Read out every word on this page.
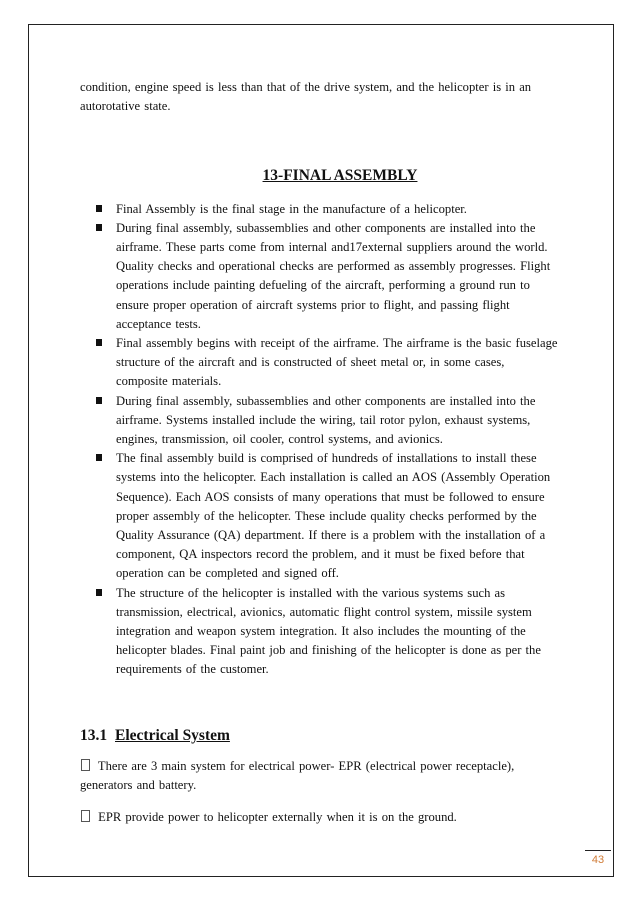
condition, engine speed is less than that of the drive system, and the helicopter is in an autorotative state.

13-FINAL ASSEMBLY
Final Assembly is the final stage in the manufacture of a helicopter.
During final assembly, subassemblies and other components are installed into the airframe. These parts come from internal and17external suppliers around the world. Quality checks and operational checks are performed as assembly progresses. Flight operations include painting defueling of the aircraft, performing a ground run to ensure proper operation of aircraft systems prior to flight, and passing flight acceptance tests.
Final assembly begins with receipt of the airframe. The airframe is the basic fuselage structure of the aircraft and is constructed of sheet metal or, in some cases, composite materials.
During final assembly, subassemblies and other components are installed into the airframe. Systems installed include the wiring, tail rotor pylon, exhaust systems, engines, transmission, oil cooler, control systems, and avionics.
The final assembly build is comprised of hundreds of installations to install these systems into the helicopter. Each installation is called an AOS (Assembly Operation Sequence). Each AOS consists of many operations that must be followed to ensure proper assembly of the helicopter. These include quality checks performed by the Quality Assurance (QA) department. If there is a problem with the installation of a component, QA inspectors record the problem, and it must be fixed before that operation can be completed and signed off.
The structure of the helicopter is installed with the various systems such as transmission, electrical, avionics, automatic flight control system, missile system integration and weapon system integration. It also includes the mounting of the helicopter blades. Final paint job and finishing of the helicopter is done as per the requirements of the customer.
13.1 Electrical System

There are 3 main system for electrical power- EPR (electrical power receptacle), generators and battery.

EPR provide power to helicopter externally when it is on the ground.

43
